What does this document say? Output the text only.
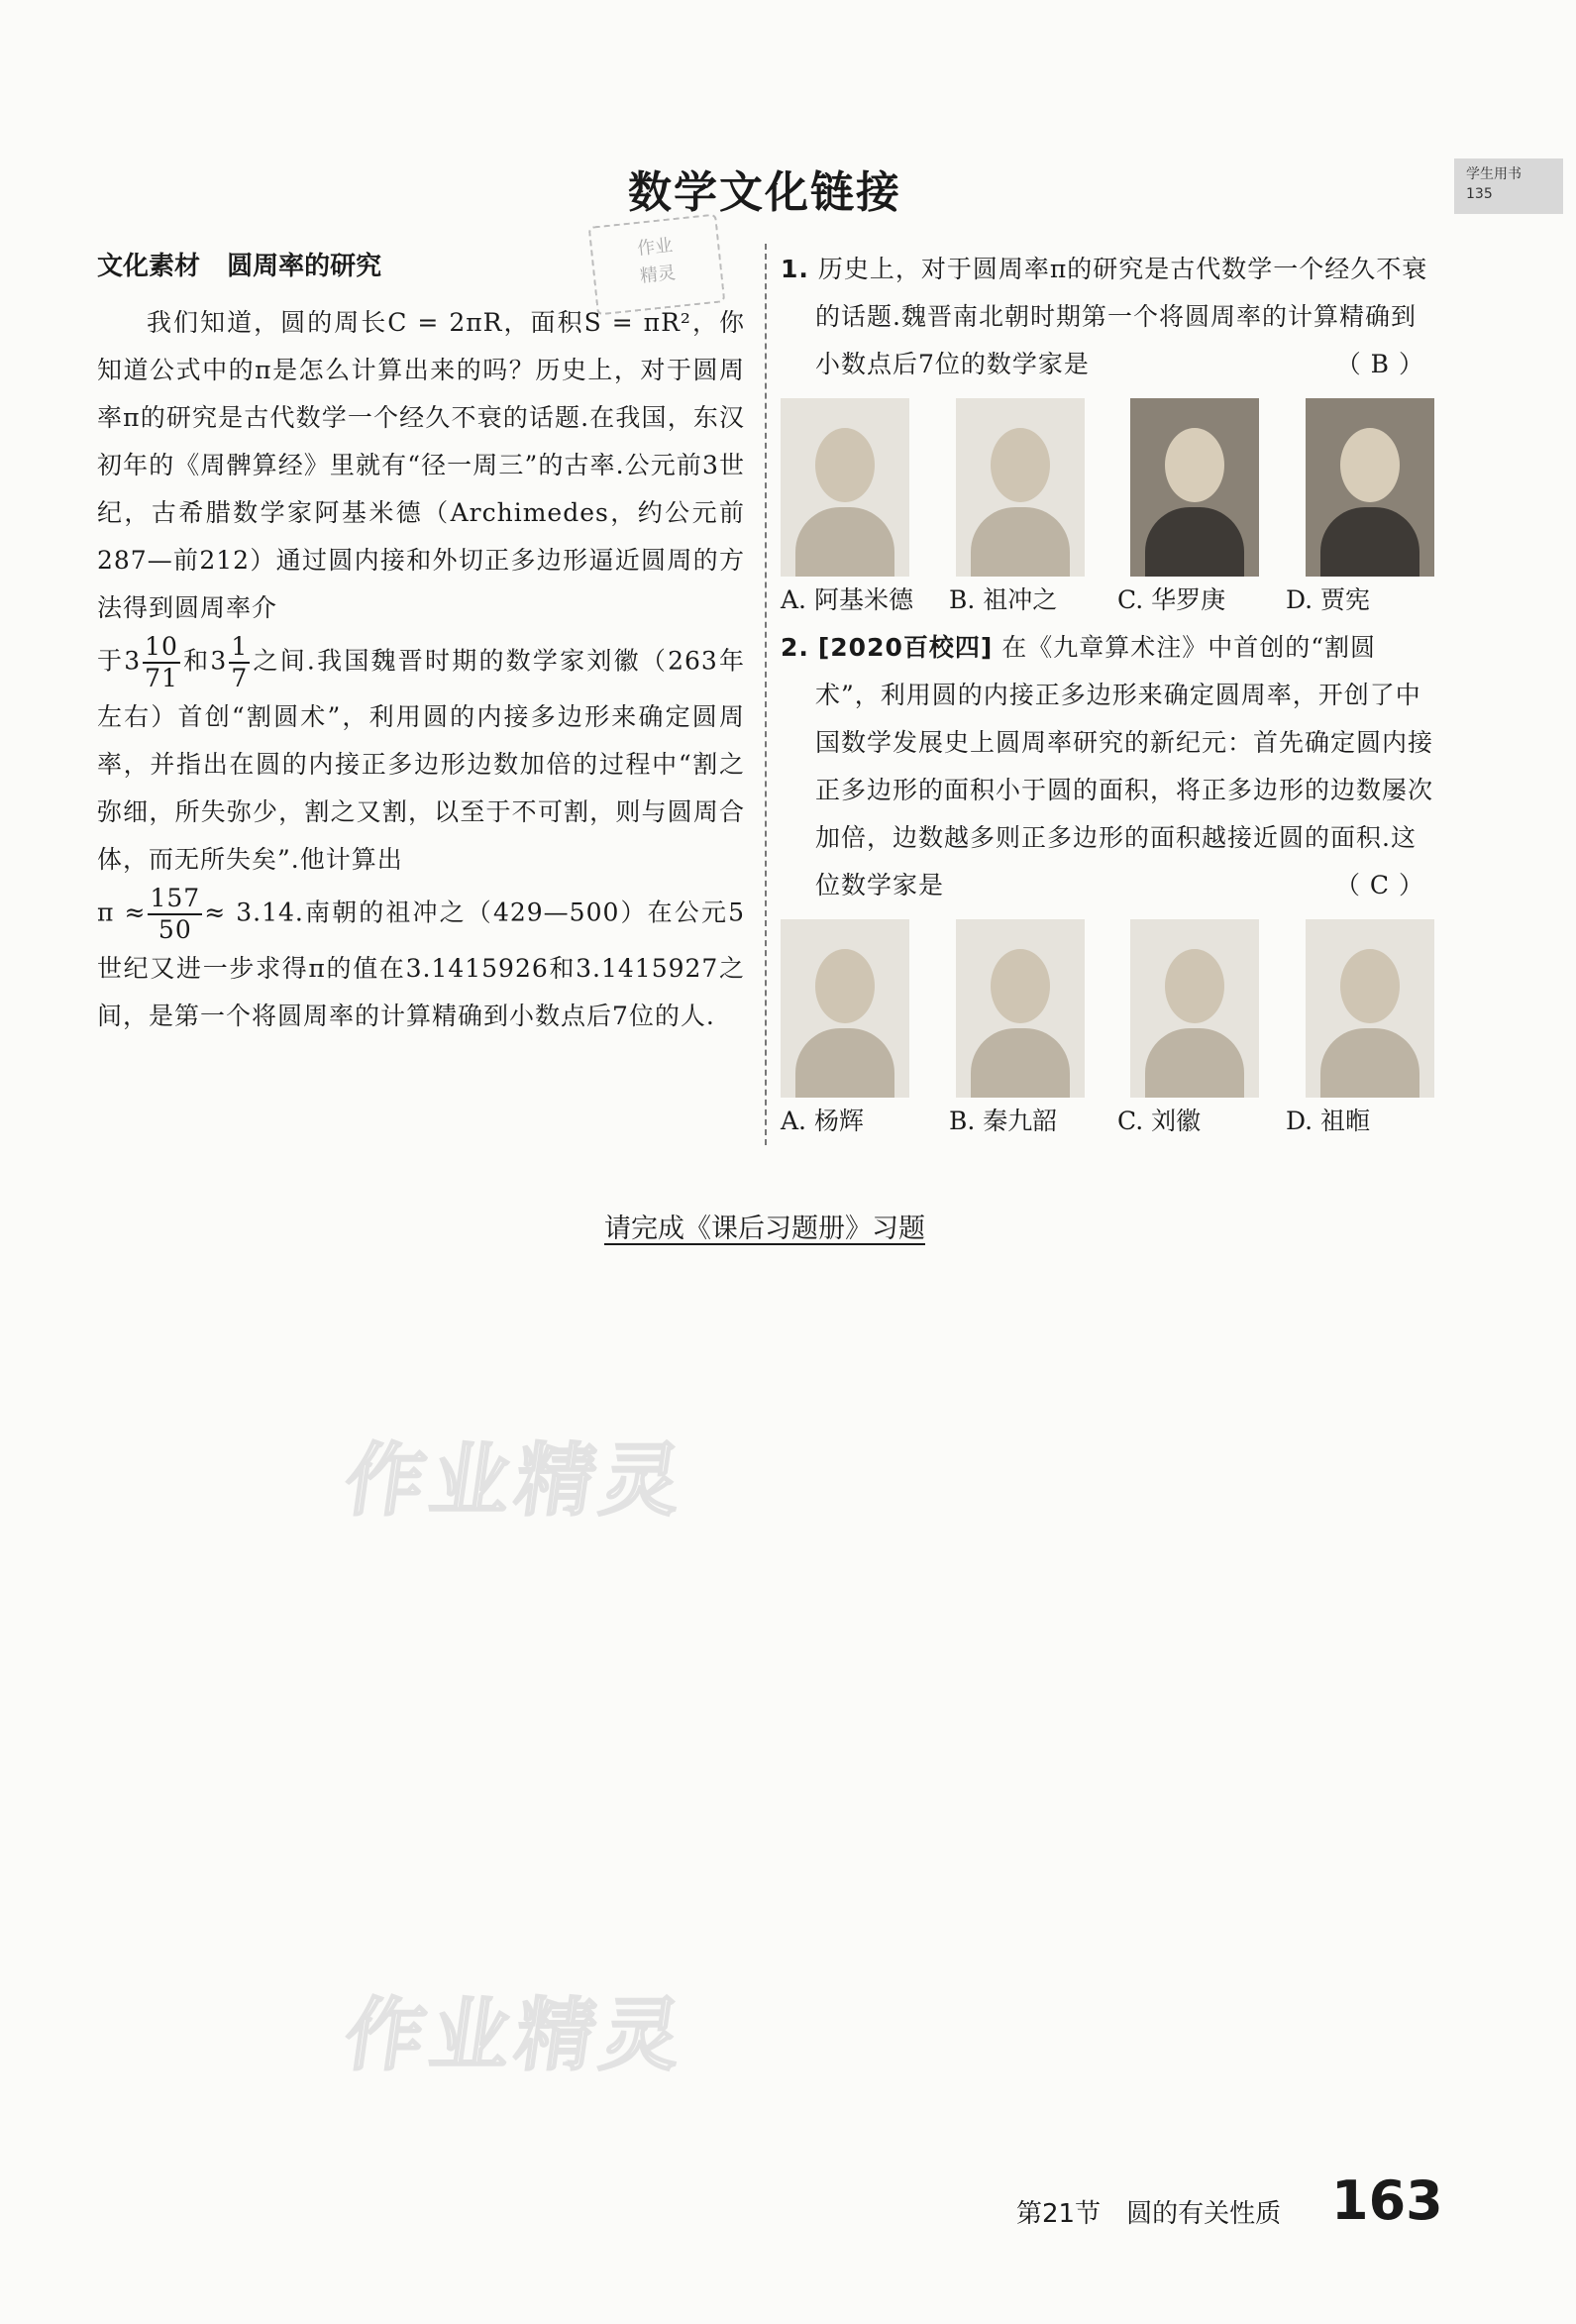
数学文化链接	学生用书
135
作业
精灵
文化素材 圆周率的研究

我们知道，圆的周长C = 2πR，面积S = πR²，你知道公式中的π是怎么计算出来的吗？历史上，对于圆周率π的研究是古代数学一个经久不衰的话题.在我国，东汉初年的《周髀算经》里就有“径一周三”的古率.公元前3世纪，古希腊数学家阿基米德（Archimedes，约公元前287—前212）通过圆内接和外切正多边形逼近圆周的方法得到圆周率介

于$3 \frac{10}{71}$ 和$3 \frac{1}{7}$ 之间.我国魏晋时期的数学家刘徽（263年左右）首创“割圆术”，利用圆的内接多边形来确定圆周率，并指出在圆的内接正多边形边数加倍的过程中“割之弥细，所失弥少，割之又割，以至于不可割，则与圆周合体，而无所失矣”.他计算出

$\pi \approx \frac{157}{50} \approx 3.14$.南朝的祖冲之（429—500）在公元5世纪又进一步求得π的值在3.1415926和3.1415927之间，是第一个将圆周率的计算精确到小数点后7位的人.

1. 历史上，对于圆周率π的研究是古代数学一个经久不衰的话题.魏晋南北朝时期第一个将圆周率的计算精确到小数点后7位的数学家是	（ B ）

A. 阿基米德	B. 祖冲之	C. 华罗庚	D. 贾宪

2. [2020百校四] 在《九章算术注》中首创的“割圆术”，利用圆的内接正多边形来确定圆周率，开创了中国数学发展史上圆周率研究的新纪元：首先确定圆内接正多边形的面积小于圆的面积，将正多边形的边数屡次加倍，边数越多则正多边形的面积越接近圆的面积.这位数学家是	（ C ）

A. 杨辉	B. 秦九韶	C. 刘徽	D. 祖暅
请完成《课后习题册》习题
作业精灵
作业精灵
第21节　圆的有关性质 163
